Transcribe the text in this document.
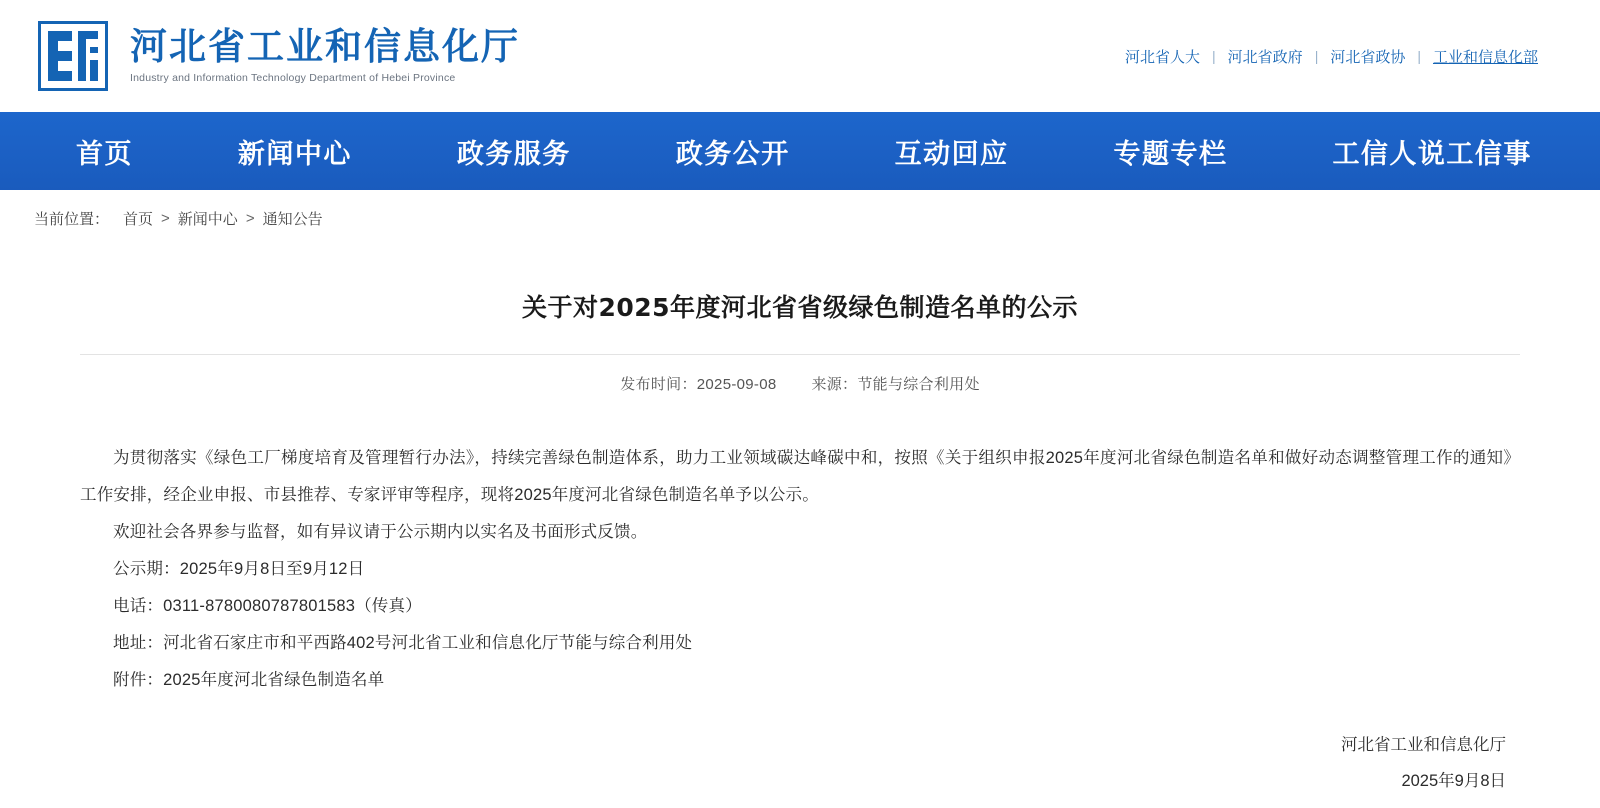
河北省工业和信息化厅
Industry and Information Technology Department of Hebei Province
河北省人大 | 河北省政府 | 河北省政协 | 工业和信息化部
首页	新闻中心	政务服务	政务公开	互动回应	专题专栏	工信人说工信事
当前位置： 首页 > 新闻中心 > 通知公告
关于对2025年度河北省省级绿色制造名单的公示
发布时间：2025-09-08 来源：节能与综合利用处

为贯彻落实《绿色工厂梯度培育及管理暂行办法》，持续完善绿色制造体系，助力工业领域碳达峰碳中和，按照《关于组织申报2025年度河北省绿色制造名单和做好动态调整管理工作的通知》工作安排，经企业申报、市县推荐、专家评审等程序，现将2025年度河北省绿色制造名单予以公示。

欢迎社会各界参与监督，如有异议请于公示期内以实名及书面形式反馈。

公示期：2025年9月8日至9月12日

电话：0311-8780080787801583（传真）

地址：河北省石家庄市和平西路402号河北省工业和信息化厅节能与综合利用处

附件：2025年度河北省绿色制造名单

河北省工业和信息化厅
2025年9月8日
